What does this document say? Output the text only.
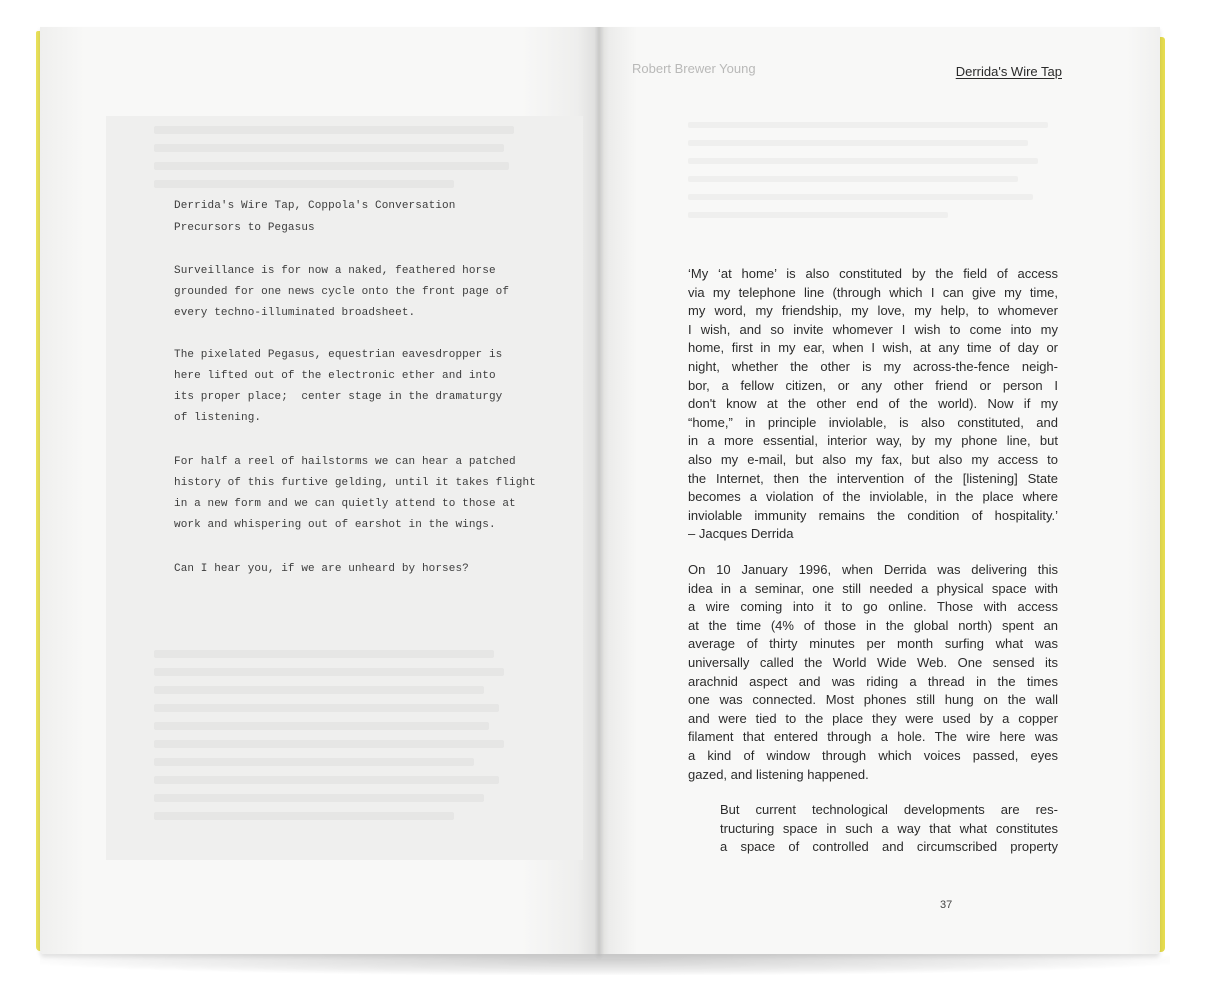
Derrida's Wire Tap, Coppola's Conversation
Precursors to Pegasus
Surveillance is for now a naked, feathered horse
grounded for one news cycle onto the front page of
every techno-illuminated broadsheet.
The pixelated Pegasus, equestrian eavesdropper is
here lifted out of the electronic ether and into
its proper place;  center stage in the dramaturgy
of listening.
For half a reel of hailstorms we can hear a patched
history of this furtive gelding, until it takes flight
in a new form and we can quietly attend to those at
work and whispering out of earshot in the wings.
Can I hear you, if we are unheard by horses?
Robert Brewer Young	Derrida's Wire Tap
‘My ‘at home’ is also constituted by the field of access
via my telephone line (through which I can give my time,
my word, my friendship, my love, my help, to whomever
I wish, and so invite whomever I wish to come into my
home, first in my ear, when I wish, at any time of day or
night, whether the other is my across-the-fence neigh-
bor, a fellow citizen, or any other friend or person I
don't know at the other end of the world). Now if my
“home,” in principle inviolable, is also constituted, and
in a more essential, interior way, by my phone line, but
also my e-mail, but also my fax, but also my access to
the Internet, then the intervention of the [listening] State
becomes a violation of the inviolable, in the place where
inviolable immunity remains the condition of hospitality.’
– Jacques Derrida
On 10 January 1996, when Derrida was delivering this
idea in a seminar, one still needed a physical space with
a wire coming into it to go online. Those with access
at the time (4% of those in the global north) spent an
average of thirty minutes per month surfing what was
universally called the World Wide Web. One sensed its
arachnid aspect and was riding a thread in the times
one was connected. Most phones still hung on the wall
and were tied to the place they were used by a copper
filament that entered through a hole. The wire here was
a kind of window through which voices passed, eyes
gazed, and listening happened.
But current technological developments are res-
tructuring space in such a way that what constitutes
a space of controlled and circumscribed property
37
